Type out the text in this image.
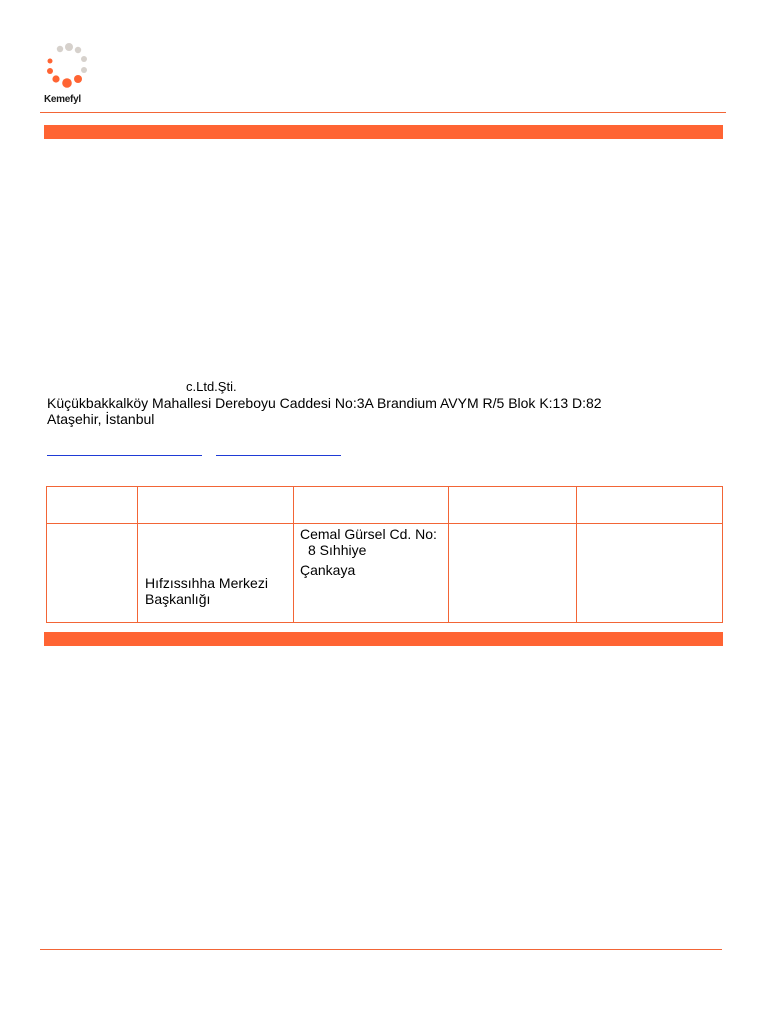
Kemefyl
c.Ltd.Şti.
Küçükbakkalköy Mahallesi Dereboyu Caddesi No:3A Brandium AVYM R/5 Blok K:13 D:82
Ataşehir, İstanbul
Cemal Gürsel Cd. No:
8 Sıhhiye
Çankaya
Hıfzıssıhha Merkezi
Başkanlığı
